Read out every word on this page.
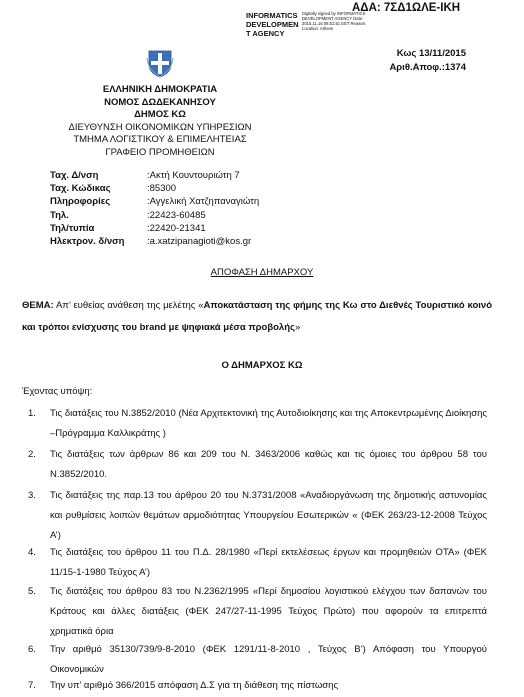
ΑΔΑ: 7ΣΔ1ΩΛΕ-ΙΚΗ
INFORMATICS DEVELOPMEN T AGENCY
Digitally signed by INFORMATICS DEVELOPMENT AGENCY Date: 2015.11.16 08:51:51 EET Reason: Location: Athens
Κως 13/11/2015
Αριθ.Αποφ.:1374
ΕΛΛΗΝΙΚΗ ΔΗΜΟΚΡΑΤΙΑ
ΝΟΜΟΣ ΔΩΔΕΚΑΝΗΣΟΥ
ΔΗΜΟΣ ΚΩ
ΔΙΕΥΘΥΝΣΗ ΟΙΚΟΝΟΜΙΚΩΝ ΥΠΗΡΕΣΙΩΝ
ΤΜΗΜΑ ΛΟΓΙΣΤΙΚΟΥ & ΕΠΙΜΕΛΗΤΕΙΑΣ
ΓΡΑΦΕΙΟ ΠΡΟΜΗΘΕΙΩΝ
Ταχ. Δ/νση	:Ακτή Κουντουριώτη 7
Ταχ. Κώδικας	:85300
Πληροφορίες	:Αγγελική Χατζηπαναγιώτη
Τηλ.	:22423-60485
Τηλ/τυπία	:22420-21341
Ηλεκτρον. δ/νση	:a.xatzipanagioti@kos.gr
ΑΠΟΦΑΣΗ ΔΗΜΑΡΧΟΥ
ΘΕΜΑ: Απ’ ευθείας ανάθεση της μελέτης «Αποκατάσταση της φήμης της Κω στο Διεθνές Τουριστικό κοινό και τρόποι ενίσχυσης του brand με ψηφιακά μέσα προβολής»
Ο ΔΗΜΑΡΧΟΣ ΚΩ
Έχοντας υπόψη:
1.	Τις διατάξεις του Ν.3852/2010 (Νέα Αρχιτεκτονική της Αυτοδιοίκησης και της Αποκεντρωμένης Διοίκησης –Πρόγραμμα Καλλικράτης )
2.	Τις διατάξεις των άρθρων 86 και 209 του Ν. 3463/2006 καθώς και τις όμοιες του άρθρου 58 του Ν.3852/2010.
3.	Τις διατάξεις της παρ.13 του άρθρου 20 του Ν.3731/2008 «Αναδιοργάνωση της δημοτικής αστυνομίας και ρυθμίσεις λοιπών θεμάτων αρμοδιότητας Υπουργείου Εσωτερικών « (ΦΕΚ 263/23-12-2008 Τεύχος Α’)
4.	Τις διατάξεις του άρθρου 11 του Π.Δ. 28/1980 «Περί εκτελέσεως έργων και προμηθειών ΟΤΑ» (ΦΕΚ 11/15-1-1980 Τεύχος Α’)
5.	Τις διατάξεις του άρθρου 83 του Ν.2362/1995 «Περί δημοσίου λογιστικού ελέγχου των δαπανών του Κράτους και άλλες διατάξεις (ΦΕΚ 247/27-11-1995 Τεύχος Πρώτο) που αφορούν τα επιτρεπτά χρηματικά όρια
6.	Την αριθμό 35130/739/9-8-2010 (ΦΕΚ 1291/11-8-2010 , Τεύχος Β’) Απόφαση του Υπουργού Οικονομικών
7.	Την υπ’ αριθμό 366/2015 απόφαση Δ.Σ για τη διάθεση της πίστωσης
